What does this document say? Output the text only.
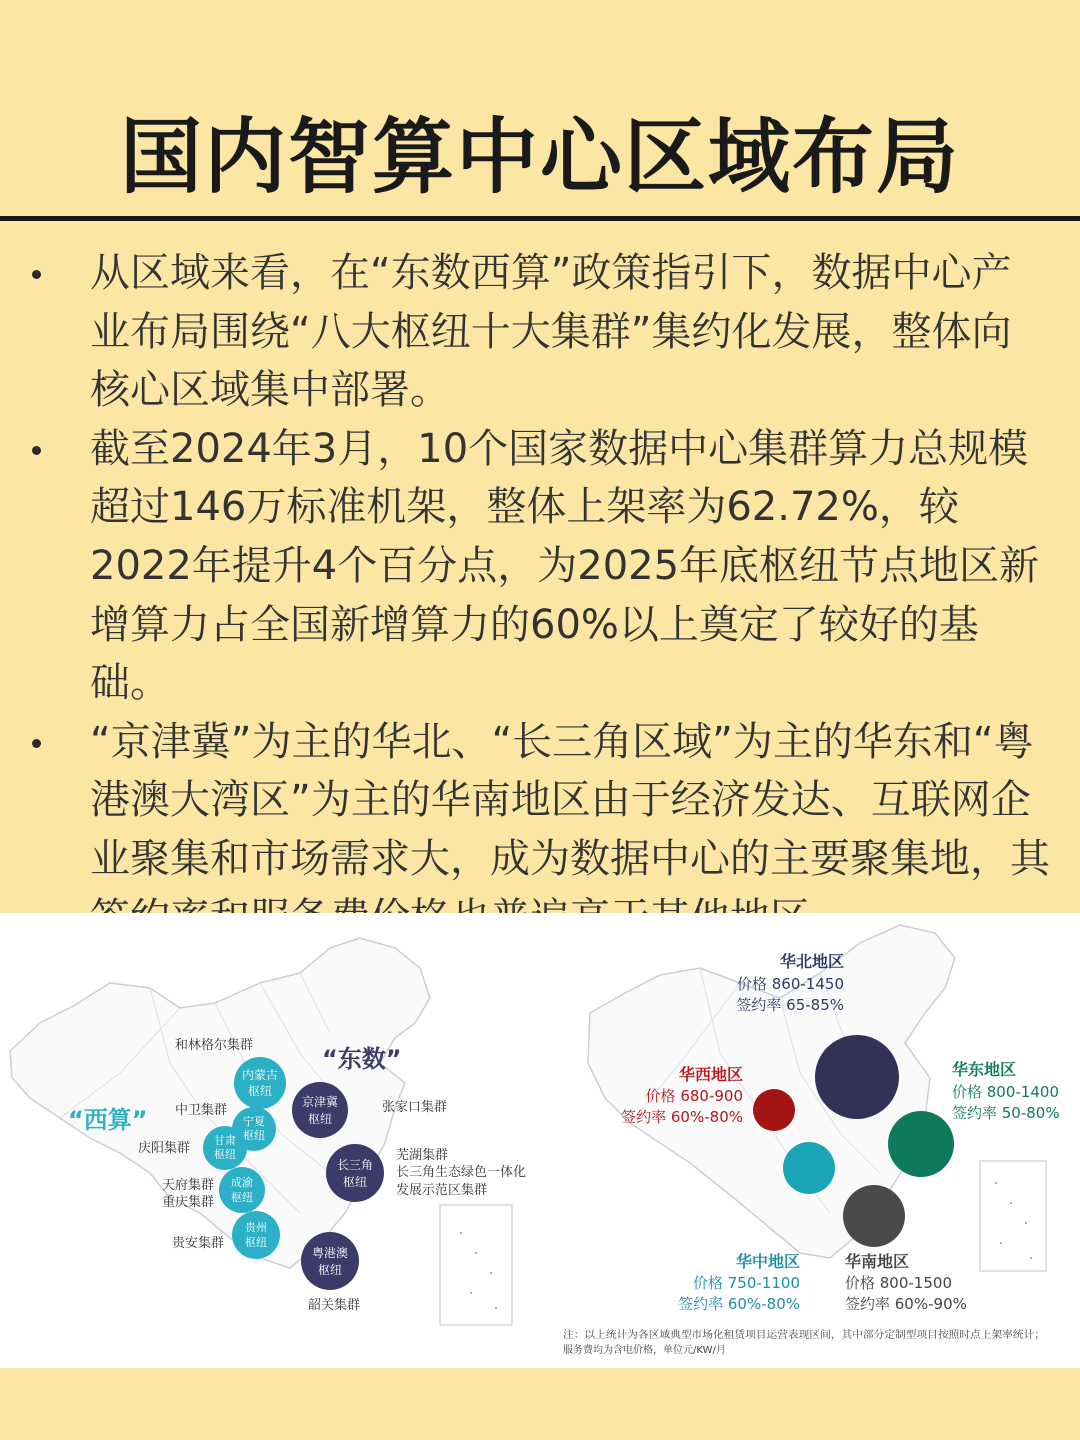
国内智算中心区域布局
从区域来看，在“东数西算”政策指引下，数据中心产业布局围绕“八大枢纽十大集群”集约化发展，整体向核心区域集中部署。
截至2024年3月，10个国家数据中心集群算力总规模超过146万标准机架，整体上架率为62.72%，较2022年提升4个百分点，为2025年底枢纽节点地区新增算力占全国新增算力的60%以上奠定了较好的基础。
“京津冀”为主的华北、“长三角区域”为主的华东和“粤港澳大湾区”为主的华南地区由于经济发达、互联网企业聚集和市场需求大，成为数据中心的主要聚集地，其
“西算”
“东数”
和林格尔集群
中卫集群
庆阳集群
天府集群
重庆集群
贵安集群
张家口集群
芜湖集群
长三角生态绿色一体化
发展示范区集群
韶关集群
内蒙古
枢纽
宁夏
枢纽
甘肃
枢纽
成渝
枢纽
贵州
枢纽
京津冀
枢纽
长三角
枢纽
粤港澳
枢纽
华北地区
价格 860-1450
签约率 65-85%
华西地区
价格 680-900
签约率 60%-80%
华东地区
价格 800-1400
签约率 50-80%
华中地区
价格 750-1100
签约率 60%-80%
华南地区
价格 800-1500
签约率 60%-90%
注：以上统计为各区域典型市场化租赁项目运营表现区间，其中部分定制型项目按照时点上架率统计；
服务费均为含电价格，单位元/KW/月
